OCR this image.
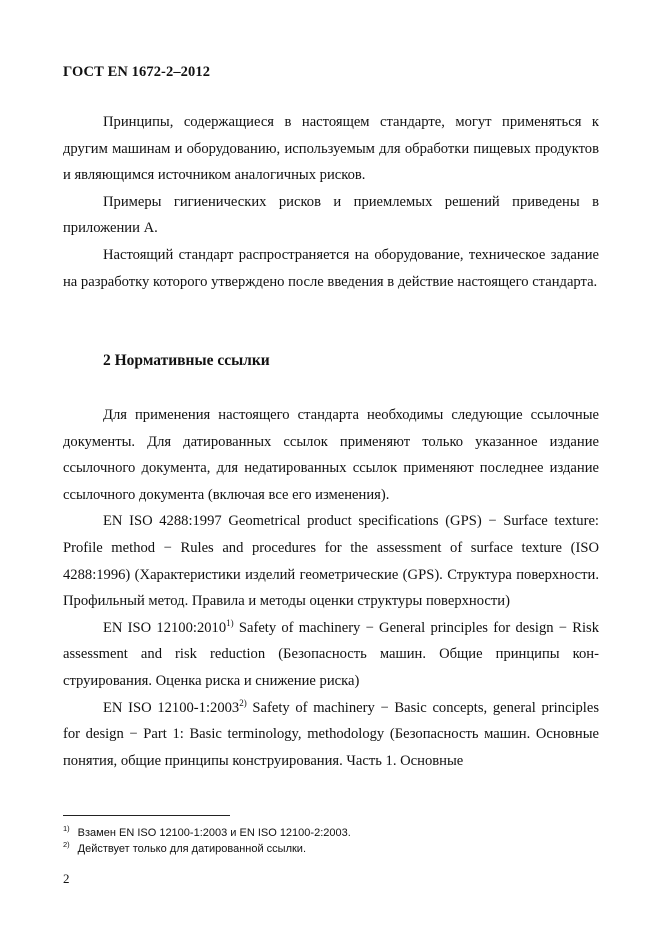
ГОСТ EN 1672-2–2012

Принципы, содержащиеся в настоящем стандарте, могут применяться к другим машинам и оборудованию, используемым для обработки пищевых продуктов и являющимся источником аналогичных рисков.

Примеры гигиенических рисков и приемлемых решений приведены в приложении А.

Настоящий стандарт распространяется на оборудование, техническое задание на разработку которого утверждено после введения в действие настоящего стандарта.

2 Нормативные ссылки

Для применения настоящего стандарта необходимы следующие ссылочные документы. Для датированных ссылок применяют только указанное издание ссылочного документа, для недатированных ссылок применяют последнее издание ссылочного документа (включая все его изменения).

EN ISO 4288:1997 Geometrical product specifications (GPS) − Surface texture: Profile method − Rules and procedures for the assessment of surface texture (ISO 4288:1996) (Характеристики изделий геометрические (GPS). Структура поверхности. Профильный метод. Правила и методы оценки структуры поверхности)

EN ISO 12100:2010$^{1)}$ Safety of machinery − General principles for design − Risk assessment and risk reduction (Безопасность машин. Общие принципы конструирования. Оценка риска и снижение риска)

EN ISO 12100-1:2003$^{2)}$ Safety of machinery − Basic concepts, general principles for design − Part 1: Basic terminology, methodology (Безопасность машин. Основные понятия, общие принципы конструирования. Часть 1. Основные

$^{1)}$ Взамен EN ISO 12100-1:2003 и EN ISO 12100-2:2003.
$^{2)}$ Действует только для датированной ссылки.
2
